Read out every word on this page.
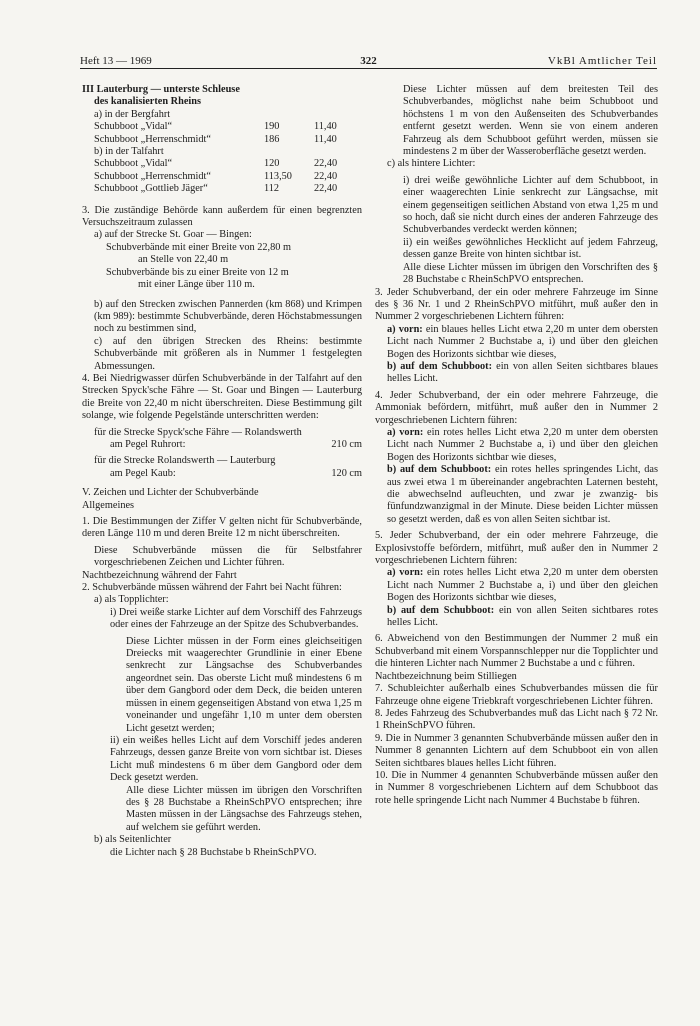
Heft 13 — 1969	322	VkBl Amtlicher Teil

III Lauterburg — unterste Schleuse

des kanalisierten Rheins

a) in der Bergfahrt

Schubboot „Vidal“	190	11,40
Schubboot „Herrenschmidt“	186	11,40

b) in der Talfahrt

Schubboot „Vidal“	120	22,40
Schubboot „Herrenschmidt“	113,50	22,40
Schubboot „Gottlieb Jäger“	112	22,40

3. Die zuständige Behörde kann außerdem für einen begrenzten Versuchszeitraum zulassen

a) auf der Strecke St. Goar — Bingen:

Schubverbände mit einer Breite von 22,80 m

an Stelle von 22,40 m

Schubverbände bis zu einer Breite von 12 m

mit einer Länge über 110 m.

b) auf den Strecken zwischen Pannerden (km 868) und Krimpen (km 989): bestimmte Schubverbände, deren Höchstabmessungen noch zu bestimmen sind,

c) auf den übrigen Strecken des Rheins: bestimmte Schubverbände mit größeren als in Nummer 1 festgelegten Abmessungen.

4. Bei Niedrigwasser dürfen Schubverbände in der Talfahrt auf den Strecken Spyck'sche Fähre — St. Goar und Bingen — Lauterburg die Breite von 22,40 m nicht überschreiten. Diese Bestimmung gilt solange, wie folgende Pegelstände unterschritten werden:

für die Strecke Spyck'sche Fähre — Rolandswerth

am Pegel Ruhrort:	210 cm

für die Strecke Rolandswerth — Lauterburg

am Pegel Kaub:	120 cm

V. Zeichen und Lichter der Schubverbände

Allgemeines

1. Die Bestimmungen der Ziffer V gelten nicht für Schubverbände, deren Länge 110 m und deren Breite 12 m nicht überschreiten.

Diese Schubverbände müssen die für Selbstfahrer vorgeschriebenen Zeichen und Lichter führen.

Nachtbezeichnung während der Fahrt

2. Schubverbände müssen während der Fahrt bei Nacht führen:

a) als Topplichter:

i) Drei weiße starke Lichter auf dem Vorschiff des Fahrzeugs oder eines der Fahrzeuge an der Spitze des Schubverbandes.

Diese Lichter müssen in der Form eines gleichseitigen Dreiecks mit waagerechter Grundlinie in einer Ebene senkrecht zur Längsachse des Schubverbandes angeordnet sein. Das oberste Licht muß mindestens 6 m über dem Gangbord oder dem Deck, die beiden unteren müssen in einem gegenseitigen Abstand von etwa 1,25 m voneinander und ungefähr 1,10 m unter dem obersten Licht gesetzt werden;

ii) ein weißes helles Licht auf dem Vorschiff jedes anderen Fahrzeugs, dessen ganze Breite von vorn sichtbar ist. Dieses Licht muß mindestens 6 m über dem Gangbord oder dem Deck gesetzt werden.

Alle diese Lichter müssen im übrigen den Vorschriften des § 28 Buchstabe a RheinSchPVO entsprechen; ihre Masten müssen in der Längsachse des Fahrzeugs stehen, auf welchem sie geführt werden.

b) als Seitenlichter

die Lichter nach § 28 Buchstabe b RheinSchPVO.

Diese Lichter müssen auf dem breitesten Teil des Schubverbandes, möglichst nahe beim Schubboot und höchstens 1 m von den Außenseiten des Schubverbandes entfernt gesetzt werden. Wenn sie von einem anderen Fahrzeug als dem Schubboot geführt werden, müssen sie mindestens 2 m über der Wasseroberfläche gesetzt werden.

c) als hintere Lichter:

i) drei weiße gewöhnliche Lichter auf dem Schubboot, in einer waagerechten Linie senkrecht zur Längsachse, mit einem gegenseitigen seitlichen Abstand von etwa 1,25 m und so hoch, daß sie nicht durch eines der anderen Fahrzeuge des Schubverbandes verdeckt werden können;

ii) ein weißes gewöhnliches Hecklicht auf jedem Fahrzeug, dessen ganze Breite von hinten sichtbar ist.

Alle diese Lichter müssen im übrigen den Vorschriften des § 28 Buchstabe c RheinSchPVO entsprechen.

3. Jeder Schubverband, der ein oder mehrere Fahrzeuge im Sinne des § 36 Nr. 1 und 2 RheinSchPVO mitführt, muß außer den in Nummer 2 vorgeschriebenen Lichtern führen:

a) vorn: ein blaues helles Licht etwa 2,20 m unter dem obersten Licht nach Nummer 2 Buchstabe a, i) und über den gleichen Bogen des Horizonts sichtbar wie dieses,

b) auf dem Schubboot: ein von allen Seiten sichtbares blaues helles Licht.

4. Jeder Schubverband, der ein oder mehrere Fahrzeuge, die Ammoniak befördern, mitführt, muß außer den in Nummer 2 vorgeschriebenen Lichtern führen:

a) vorn: ein rotes helles Licht etwa 2,20 m unter dem obersten Licht nach Nummer 2 Buchstabe a, i) und über den gleichen Bogen des Horizonts sichtbar wie dieses,

b) auf dem Schubboot: ein rotes helles springendes Licht, das aus zwei etwa 1 m übereinander angebrachten Laternen besteht, die abwechselnd aufleuchten, und zwar je zwanzig- bis fünfundzwanzigmal in der Minute. Diese beiden Lichter müssen so gesetzt werden, daß es von allen Seiten sichtbar ist.

5. Jeder Schubverband, der ein oder mehrere Fahrzeuge, die Explosivstoffe befördern, mitführt, muß außer den in Nummer 2 vorgeschriebenen Lichtern führen:

a) vorn: ein rotes helles Licht etwa 2,20 m unter dem obersten Licht nach Nummer 2 Buchstabe a, i) und über den gleichen Bogen des Horizonts sichtbar wie dieses,

b) auf dem Schubboot: ein von allen Seiten sichtbares rotes helles Licht.

6. Abweichend von den Bestimmungen der Nummer 2 muß ein Schubverband mit einem Vorspannschlepper nur die Topplichter und die hinteren Lichter nach Nummer 2 Buchstabe a und c führen.

Nachtbezeichnung beim Stilliegen

7. Schubleichter außerhalb eines Schubverbandes müssen die für Fahrzeuge ohne eigene Triebkraft vorgeschriebenen Lichter führen.

8. Jedes Fahrzeug des Schubverbandes muß das Licht nach § 72 Nr. 1 RheinSchPVO führen.

9. Die in Nummer 3 genannten Schubverbände müssen außer den in Nummer 8 genannten Lichtern auf dem Schubboot ein von allen Seiten sichtbares blaues helles Licht führen.

10. Die in Nummer 4 genannten Schubverbände müssen außer den in Nummer 8 vorgeschriebenen Lichtern auf dem Schubboot das rote helle springende Licht nach Nummer 4 Buchstabe b führen.
